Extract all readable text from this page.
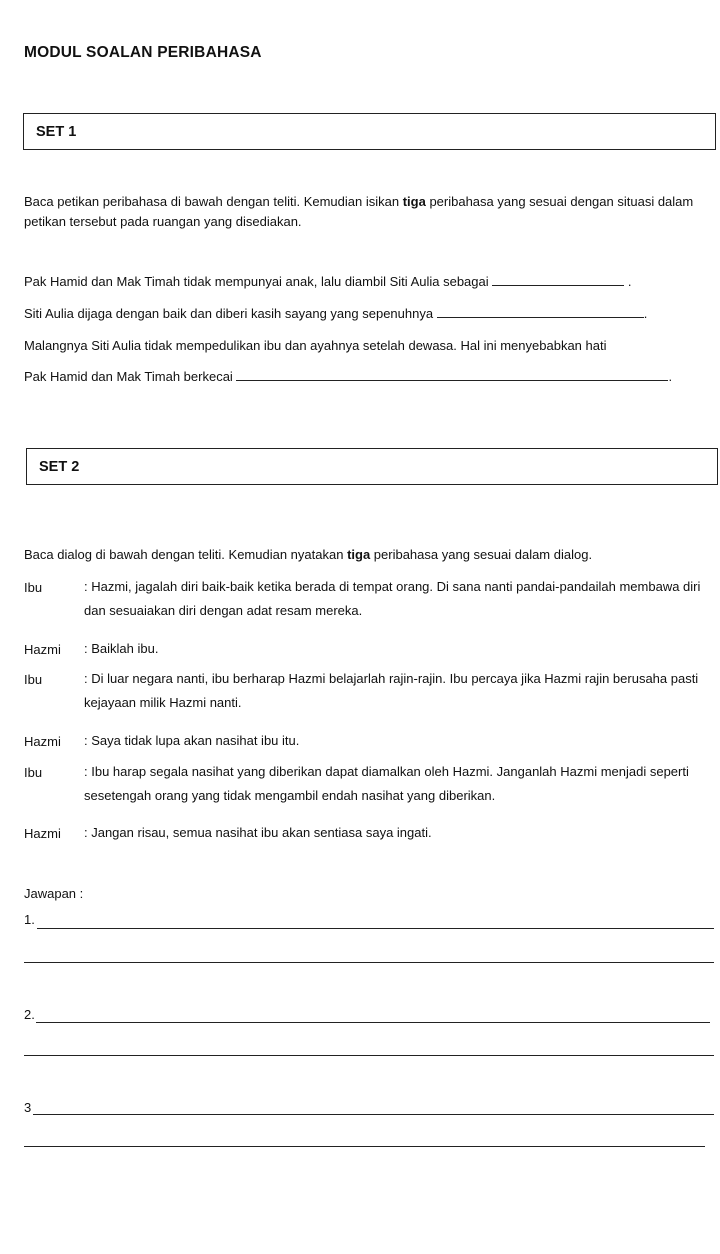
MODUL SOALAN PERIBAHASA
SET 1
Baca petikan peribahasa di bawah dengan teliti. Kemudian isikan tiga peribahasa yang sesuai dengan situasi dalam petikan tersebut pada ruangan yang disediakan.
Pak Hamid dan Mak Timah tidak mempunyai anak, lalu diambil Siti Aulia sebagai	.
Siti Aulia dijaga dengan baik dan diberi kasih sayang yang sepenuhnya	.
Malangnya Siti Aulia tidak mempedulikan ibu dan ayahnya setelah dewasa. Hal ini menyebabkan hati
Pak Hamid dan Mak Timah berkecai	.
SET 2
Baca dialog di bawah dengan teliti. Kemudian nyatakan tiga peribahasa yang sesuai dalam dialog.
Ibu	: Hazmi, jagalah diri baik-baik ketika berada di tempat orang. Di sana nanti pandai-pandailah membawa diri dan sesuaiakan diri dengan adat resam mereka.
Hazmi : Baiklah ibu.
Ibu	: Di luar negara nanti, ibu berharap Hazmi belajarlah rajin-rajin. Ibu percaya jika Hazmi rajin berusaha pasti kejayaan milik Hazmi nanti.
Hazmi : Saya tidak lupa akan nasihat ibu itu.
Ibu	: Ibu harap segala nasihat yang diberikan dapat diamalkan oleh Hazmi. Janganlah Hazmi menjadi seperti sesetengah orang yang tidak mengambil endah nasihat yang diberikan.
Hazmi : Jangan risau, semua nasihat ibu akan sentiasa saya ingati.
Jawapan :
1.
2.
3
